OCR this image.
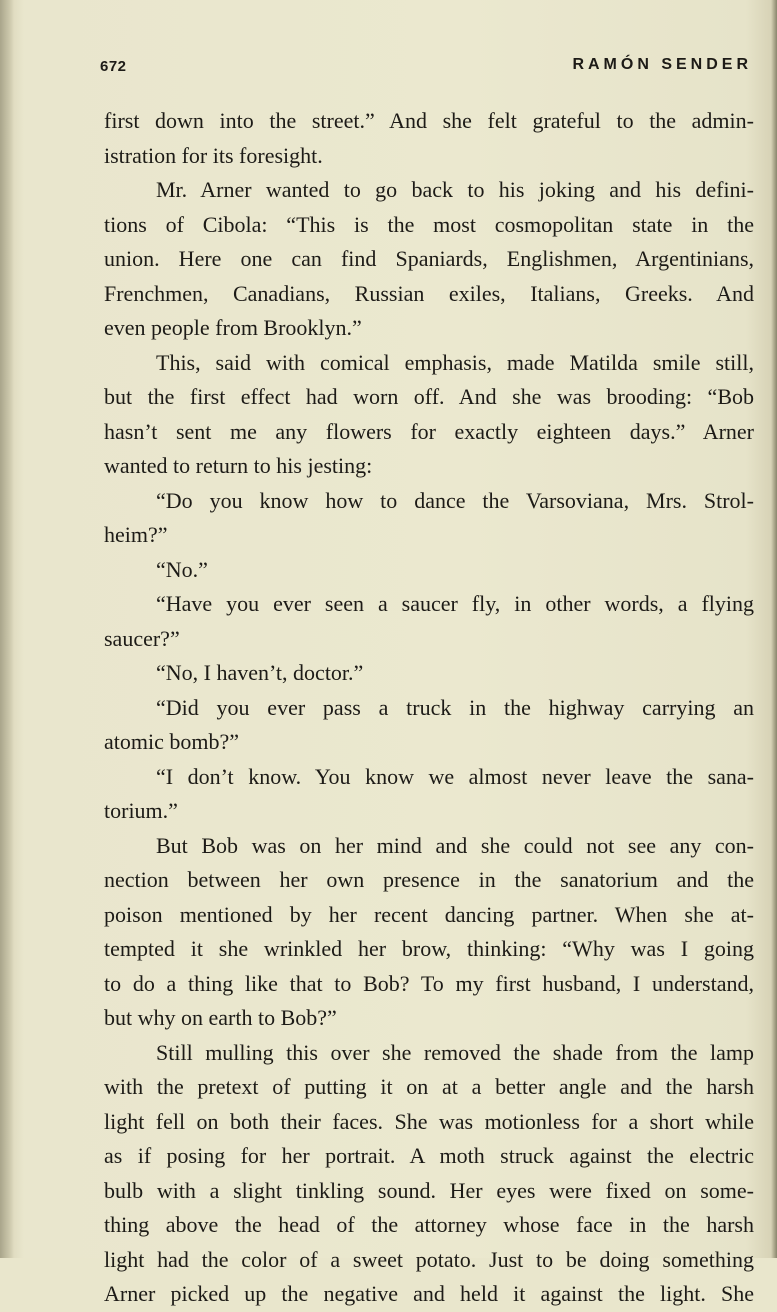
672	RAMÓN SENDER
first down into the street.” And she felt grateful to the admin-
istration for its foresight.
Mr. Arner wanted to go back to his joking and his defini-
tions of Cibola: “This is the most cosmopolitan state in the
union. Here one can find Spaniards, Englishmen, Argentinians,
Frenchmen, Canadians, Russian exiles, Italians, Greeks. And
even people from Brooklyn.”
This, said with comical emphasis, made Matilda smile still,
but the first effect had worn off. And she was brooding: “Bob
hasn’t sent me any flowers for exactly eighteen days.” Arner
wanted to return to his jesting:
“Do you know how to dance the Varsoviana, Mrs. Strol-
heim?”
“No.”
“Have you ever seen a saucer fly, in other words, a flying
saucer?”
“No, I haven’t, doctor.”
“Did you ever pass a truck in the highway carrying an
atomic bomb?”
“I don’t know. You know we almost never leave the sana-
torium.”
But Bob was on her mind and she could not see any con-
nection between her own presence in the sanatorium and the
poison mentioned by her recent dancing partner. When she at-
tempted it she wrinkled her brow, thinking: “Why was I going
to do a thing like that to Bob? To my first husband, I understand,
but why on earth to Bob?”
Still mulling this over she removed the shade from the lamp
with the pretext of putting it on at a better angle and the harsh
light fell on both their faces. She was motionless for a short while
as if posing for her portrait. A moth struck against the electric
bulb with a slight tinkling sound. Her eyes were fixed on some-
thing above the head of the attorney whose face in the harsh
light had the color of a sweet potato. Just to be doing something
Arner picked up the negative and held it against the light. She
